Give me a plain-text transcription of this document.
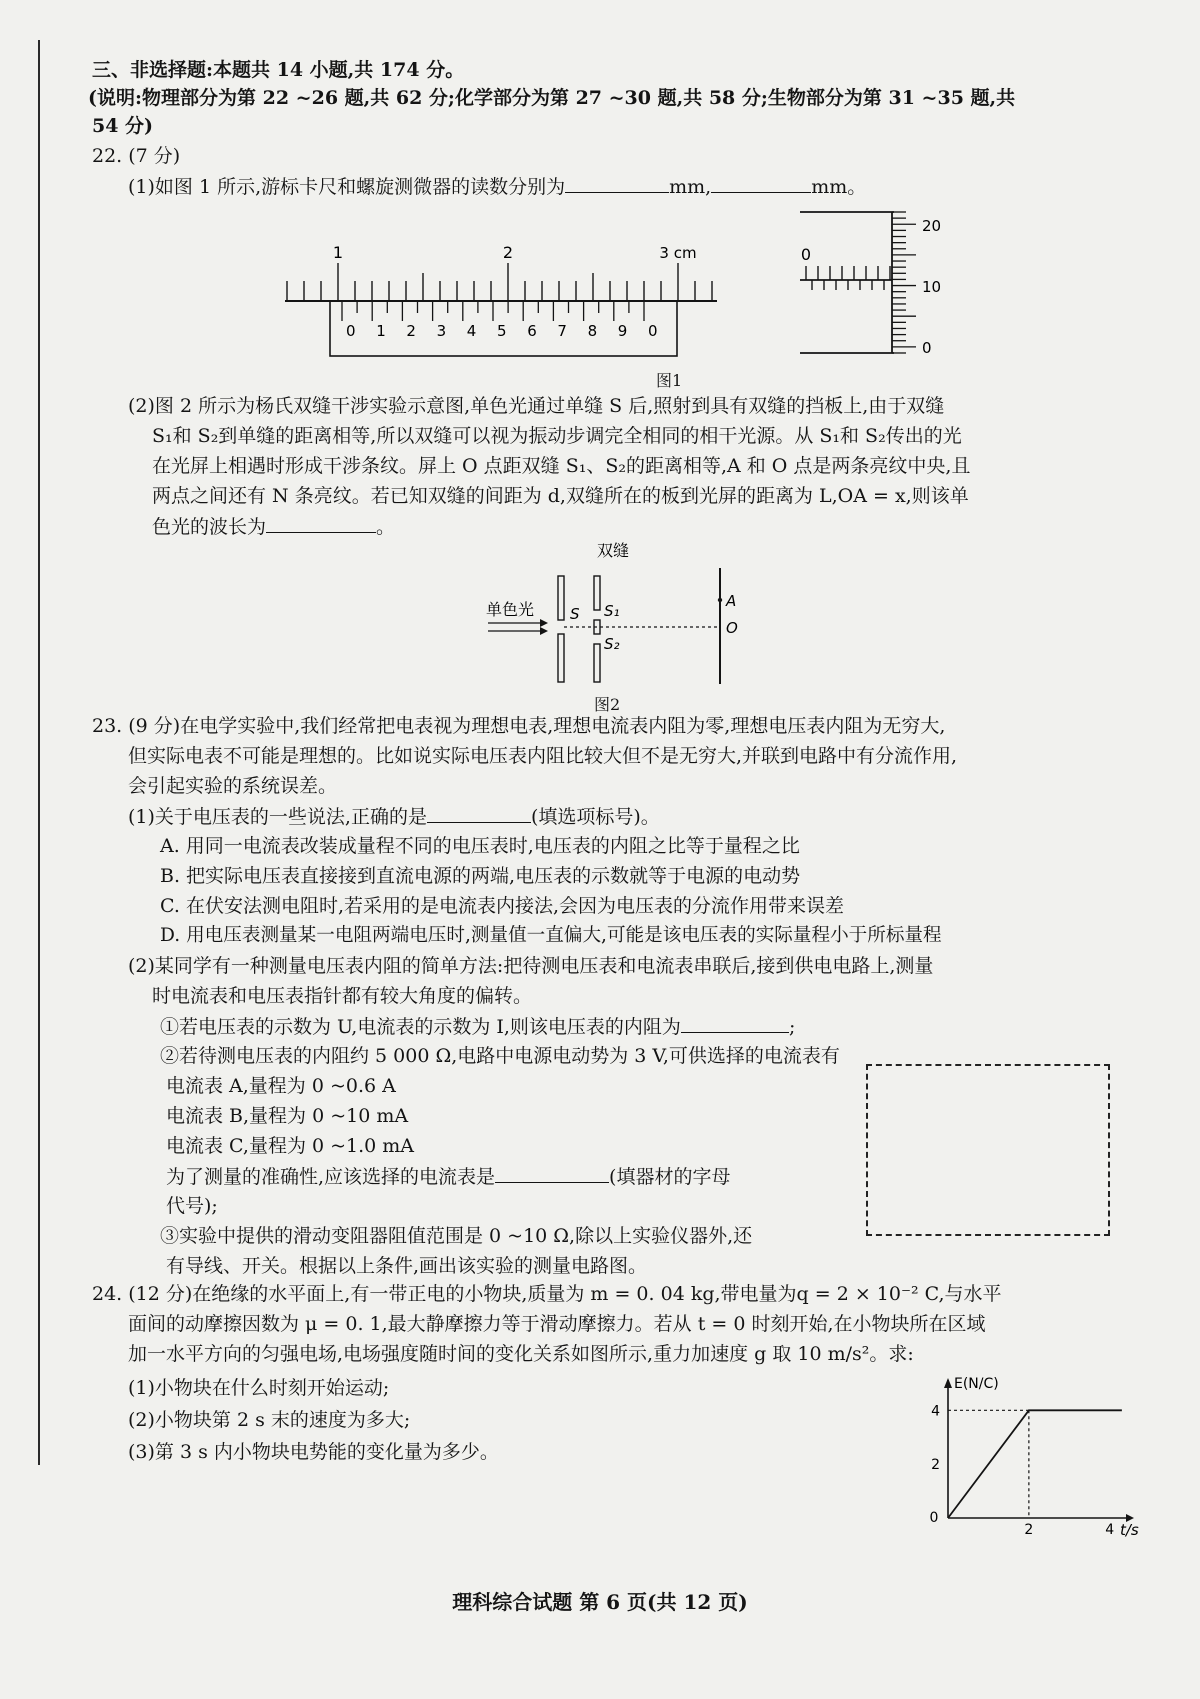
三、非选择题:本题共 14 小题,共 174 分。
(说明:物理部分为第 22 ~26 题,共 62 分;化学部分为第 27 ~30 题,共 58 分;生物部分为第 31 ~35 题,共
54 分)
22. (7 分)
(1)如图 1 所示,游标卡尺和螺旋测微器的读数分别为	mm,	mm。
1	2	3 cm
0 1 2 3 4 5 6 7 8 9 0
0
20
10
0
图1
(2)图 2 所示为杨氏双缝干涉实验示意图,单色光通过单缝 S 后,照射到具有双缝的挡板上,由于双缝
S₁和 S₂到单缝的距离相等,所以双缝可以视为振动步调完全相同的相干光源。从 S₁和 S₂传出的光
在光屏上相遇时形成干涉条纹。屏上 O 点距双缝 S₁、S₂的距离相等,A 和 O 点是两条亮纹中央,且
两点之间还有 N 条亮纹。若已知双缝的间距为 d,双缝所在的板到光屏的距离为 L,OA = x,则该单
色光的波长为	。
双缝
单色光 S S₁
S₂
A
O
图2
23. (9 分)在电学实验中,我们经常把电表视为理想电表,理想电流表内阻为零,理想电压表内阻为无穷大,
但实际电表不可能是理想的。比如说实际电压表内阻比较大但不是无穷大,并联到电路中有分流作用,
会引起实验的系统误差。
(1)关于电压表的一些说法,正确的是	(填选项标号)。
A. 用同一电流表改装成量程不同的电压表时,电压表的内阻之比等于量程之比
B. 把实际电压表直接接到直流电源的两端,电压表的示数就等于电源的电动势
C. 在伏安法测电阻时,若采用的是电流表内接法,会因为电压表的分流作用带来误差
D. 用电压表测量某一电阻两端电压时,测量值一直偏大,可能是该电压表的实际量程小于所标量程
(2)某同学有一种测量电压表内阻的简单方法:把待测电压表和电流表串联后,接到供电电路上,测量
时电流表和电压表指针都有较大角度的偏转。
①若电压表的示数为 U,电流表的示数为 I,则该电压表的内阻为	;
②若待测电压表的内阻约 5 000 Ω,电路中电源电动势为 3 V,可供选择的电流表有
电流表 A,量程为 0 ~0.6 A
电流表 B,量程为 0 ~10 mA
电流表 C,量程为 0 ~1.0 mA
为了测量的准确性,应该选择的电流表是	(填器材的字母
代号);
③实验中提供的滑动变阻器阻值范围是 0 ~10 Ω,除以上实验仪器外,还
有导线、开关。根据以上条件,画出该实验的测量电路图。
24. (12 分)在绝缘的水平面上,有一带正电的小物块,质量为 m = 0. 04 kg,带电量为q = 2 × 10⁻² C,与水平
面间的动摩擦因数为 μ = 0. 1,最大静摩擦力等于滑动摩擦力。若从 t = 0 时刻开始,在小物块所在区域
加一水平方向的匀强电场,电场强度随时间的变化关系如图所示,重力加速度 g 取 10 m/s²。求:
(1)小物块在什么时刻开始运动;
(2)小物块第 2 s 末的速度为多大;
(3)第 3 s 内小物块电势能的变化量为多少。
E(N/C)
t/s
0
2	4
2
4
理科综合试题 第 6 页(共 12 页)
